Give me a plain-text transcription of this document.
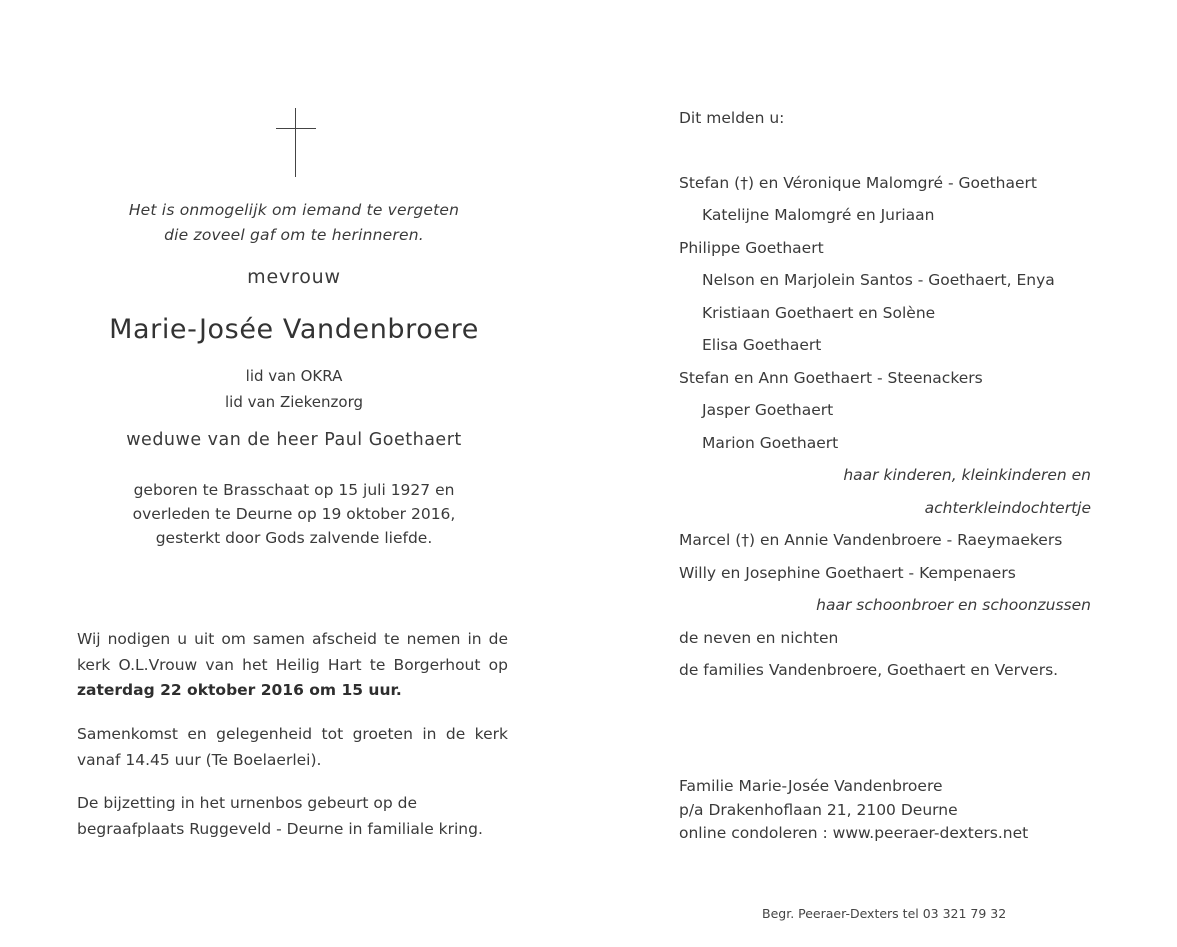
Het is onmogelijk om iemand te vergeten
die zoveel gaf om te herinneren.
mevrouw
Marie-Josée Vandenbroere
lid van OKRA
lid van Ziekenzorg
weduwe van de heer Paul Goethaert
geboren te Brasschaat op 15 juli 1927 en
overleden te Deurne op 19 oktober 2016,
gesterkt door Gods zalvende liefde.
Wij nodigen u uit om samen afscheid te nemen in de
kerk O.L.Vrouw van het Heilig Hart te Borgerhout op
zaterdag 22 oktober 2016 om 15 uur.
Samenkomst en gelegenheid tot groeten in de kerk
vanaf 14.45 uur (Te Boelaerlei).
De bijzetting in het urnenbos gebeurt op de
begraafplaats Ruggeveld - Deurne in familiale kring.
Dit melden u:
Stefan (†) en Véronique Malomgré - Goethaert
Katelijne Malomgré en Juriaan
Philippe Goethaert
Nelson en Marjolein Santos - Goethaert, Enya
Kristiaan Goethaert en Solène
Elisa Goethaert
Stefan en Ann Goethaert - Steenackers
Jasper Goethaert
Marion Goethaert
haar kinderen, kleinkinderen en
achterkleindochtertje
Marcel (†) en Annie Vandenbroere - Raeymaekers
Willy en Josephine Goethaert - Kempenaers
haar schoonbroer en schoonzussen
de neven en nichten
de families Vandenbroere, Goethaert en Ververs.
Familie Marie-Josée Vandenbroere
p/a Drakenhoflaan 21, 2100 Deurne
online condoleren : www.peeraer-dexters.net
Begr. Peeraer-Dexters tel 03 321 79 32
